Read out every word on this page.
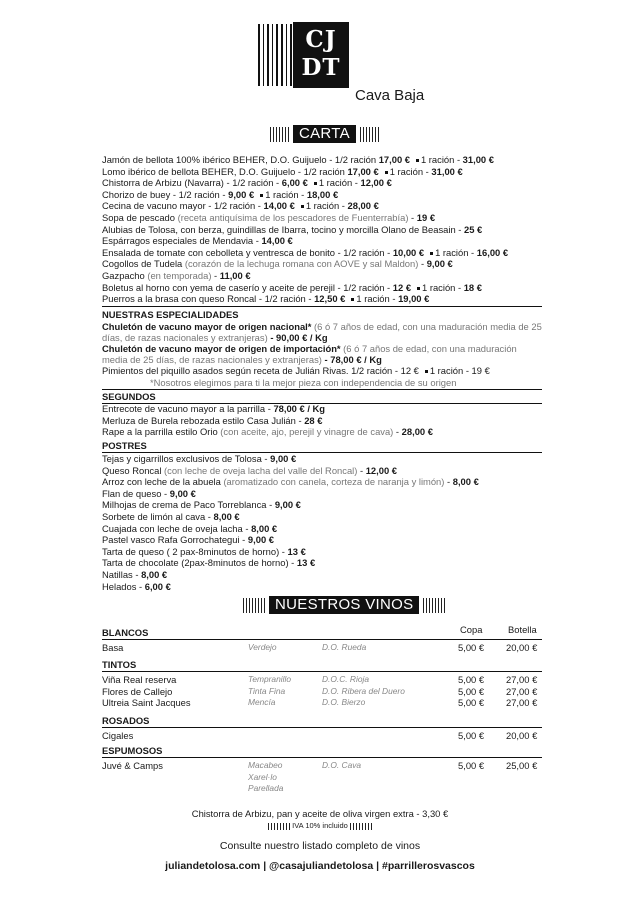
CJ
DT
Cava Baja
CARTA
Jamón de bellota 100% ibérico BEHER, D.O. Guijuelo - 1/2 ración 17,00 € 1 ración - 31,00 €
Lomo ibérico de bellota BEHER, D.O. Guijuelo - 1/2 ración 17,00 € 1 ración - 31,00 €
Chistorra de Arbizu (Navarra) - 1/2 ración - 6,00 € 1 ración - 12,00 €
Chorizo de buey - 1/2 ración - 9,00 € 1 ración - 18,00 €
Cecina de vacuno mayor - 1/2 ración - 14,00 € 1 ración - 28,00 €
Sopa de pescado (receta antiquísima de los pescadores de Fuenterrabía) - 19 €
Alubias de Tolosa, con berza, guindillas de Ibarra, tocino y morcilla Olano de Beasain - 25 €
Espárragos especiales de Mendavia - 14,00 €
Ensalada de tomate con cebolleta y ventresca de bonito - 1/2 ración - 10,00 € 1 ración - 16,00 €
Cogollos de Tudela (corazón de la lechuga romana con AOVE y sal Maldon) - 9,00 €
Gazpacho (en temporada) - 11,00 €
Boletus al horno con yema de caserío y aceite de perejil - 1/2 ración - 12 € 1 ración - 18 €
Puerros a la brasa con queso Roncal - 1/2 ración - 12,50 € 1 ración - 19,00 €
NUESTRAS ESPECIALIDADES
Chuletón de vacuno mayor de origen nacional* (6 ó 7 años de edad, con una maduración media de 25 días, de razas nacionales y extranjeras) - 90,00 € / Kg
Chuletón de vacuno mayor de origen de importación* (6 ó 7 años de edad, con una maduración media de 25 días, de razas nacionales y extranjeras) - 78,00 € / Kg
Pimientos del piquillo asados según receta de Julián Rivas. 1/2 ración - 12 € 1 ración - 19 €
*Nosotros elegimos para ti la mejor pieza con independencia de su origen
SEGUNDOS
Entrecote de vacuno mayor a la parrilla - 78,00 € / Kg
Merluza de Burela rebozada estilo Casa Julián - 28 €
Rape a la parrilla estilo Orio (con aceite, ajo, perejil y vinagre de cava) - 28,00 €
POSTRES
Tejas y cigarrillos exclusivos de Tolosa - 9,00 €
Queso Roncal (con leche de oveja lacha del valle del Roncal) - 12,00 €
Arroz con leche de la abuela (aromatizado con canela, corteza de naranja y limón) - 8,00 €
Flan de queso - 9,00 €
Milhojas de crema de Paco Torreblanca - 9,00 €
Sorbete de limón al cava - 8,00 €
Cuajada con leche de oveja lacha - 8,00 €
Pastel vasco Rafa Gorrochategui - 9,00 €
Tarta de queso ( 2 pax-8minutos de horno) - 13 €
Tarta de chocolate (2pax-8minutos de horno) - 13 €
Natillas - 8,00 €
Helados - 6,00 €
NUESTROS VINOS
Copa	Botella
BLANCOS
Basa	Verdejo	D.O. Rueda	5,00 € 20,00 €
TINTOS
Viña Real reserva	Tempranillo	D.O.C. Rioja	5,00 € 27,00 €
Flores de Callejo	Tinta Fina	D.O. Ribera del Duero	5,00 € 27,00 €
Ultreia Saint Jacques	Mencía	D.O. Bierzo	5,00 € 27,00 €
ROSADOS
Cigales	5,00 € 20,00 €
ESPUMOSOS
Juvé & Camps	Macabeo	D.O. Cava	5,00 € 25,00 €
Xarel·lo
Parellada
Chistorra de Arbizu, pan y aceite de oliva virgen extra - 3,30 €
IVA 10% incluido
Consulte nuestro listado completo de vinos
juliandetolosa.com | @casajuliandetolosa | #parrillerosvascos
